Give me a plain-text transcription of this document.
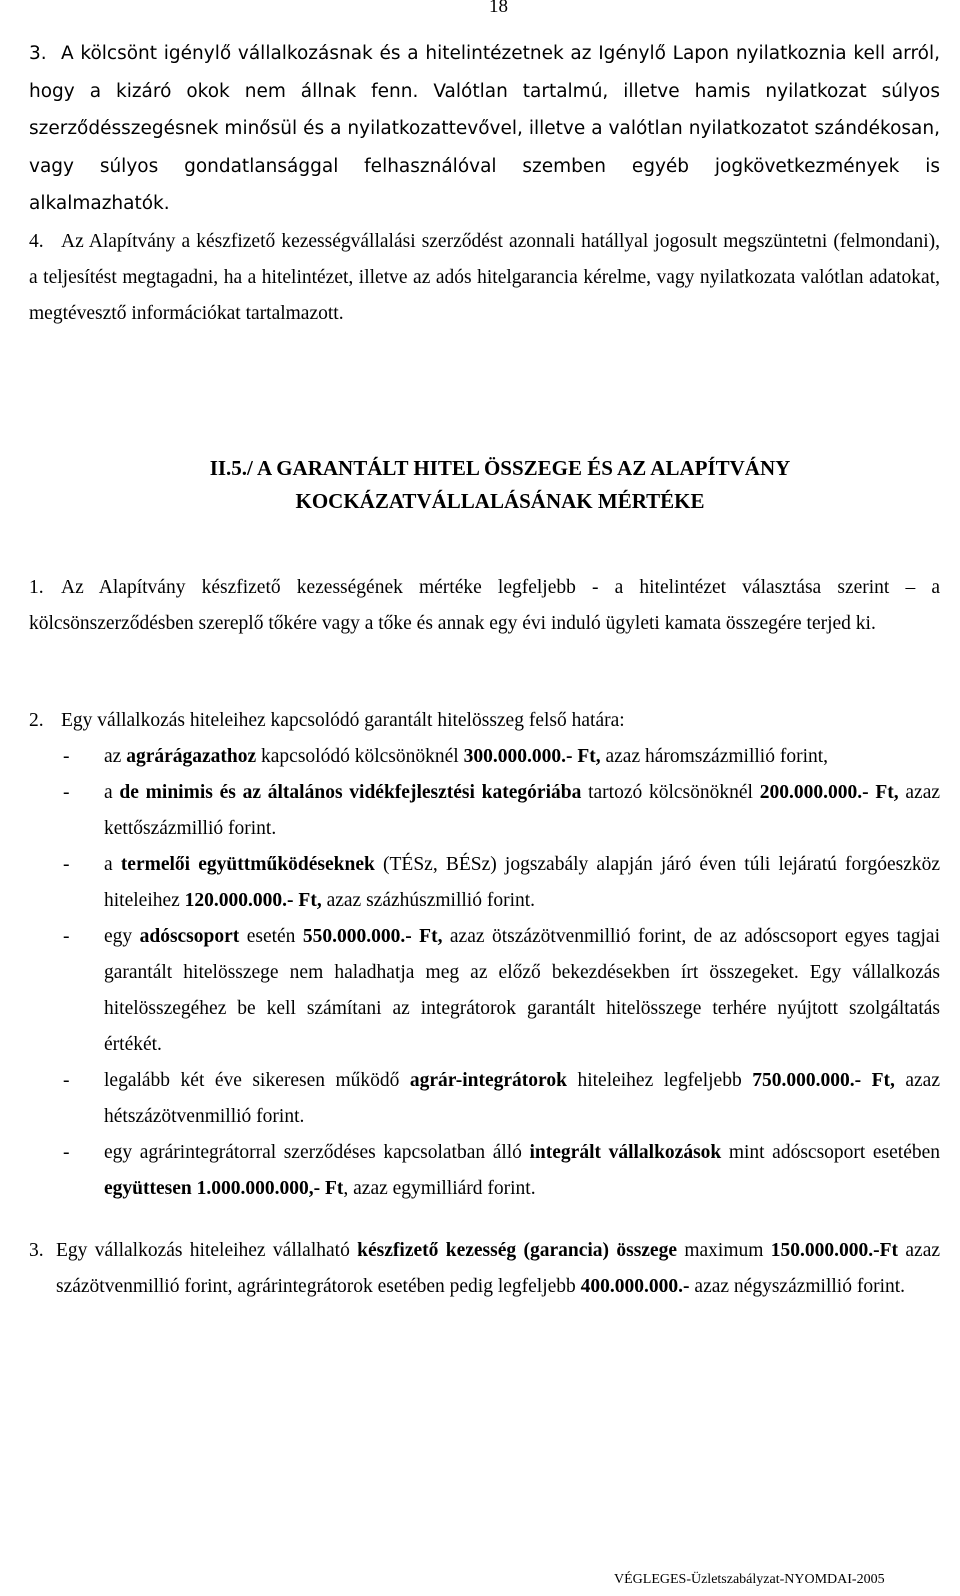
18
3. A kölcsönt igénylő vállalkozásnak és a hitelintézetnek az Igénylő Lapon nyilatkoznia kell arról, hogy a kizáró okok nem állnak fenn. Valótlan tartalmú, illetve hamis nyilatkozat súlyos szerződésszegésnek minősül és a nyilatkozattevővel, illetve a valótlan nyilatkozatot szándékosan, vagy súlyos gondatlansággal felhasználóval szemben egyéb jogkövetkezmények is alkalmazhatók.

4. Az Alapítvány a készfizető kezességvállalási szerződést azonnali hatállyal jogosult megszüntetni (felmondani), a teljesítést megtagadni, ha a hitelintézet, illetve az adós hitelgarancia kérelme, vagy nyilatkozata valótlan adatokat, megtévesztő információkat tartalmazott.

II.5./ A GARANTÁLT HITEL ÖSSZEGE ÉS AZ ALAPÍTVÁNY
KOCKÁZATVÁLLALÁSÁNAK MÉRTÉKE
1. Az Alapítvány készfizető kezességének mértéke legfeljebb - a hitelintézet választása szerint – a kölcsönszerződésben szereplő tőkére vagy a tőke és annak egy évi induló ügyleti kamata összegére terjed ki.

2. Egy vállalkozás hiteleihez kapcsolódó garantált hitelösszeg felső határa:
- az agrárágazathoz kapcsolódó kölcsönöknél 300.000.000.- Ft, azaz háromszázmillió forint,

- a de minimis és az általános vidékfejlesztési kategóriába tartozó kölcsönöknél 200.000.000.- Ft, azaz kettőszázmillió forint.

- a termelői együttműködéseknek (TÉSz, BÉSz) jogszabály alapján járó éven túli lejáratú forgóeszköz hiteleihez 120.000.000.- Ft, azaz százhúszmillió forint.

- egy adóscsoport esetén 550.000.000.- Ft, azaz ötszázötvenmillió forint, de az adóscsoport egyes tagjai garantált hitelösszege nem haladhatja meg az előző bekezdésekben írt összegeket. Egy vállalkozás hitelösszegéhez be kell számítani az integrátorok garantált hitelösszege terhére nyújtott szolgáltatás értékét.

- legalább két éve sikeresen működő agrár-integrátorok hiteleihez legfeljebb 750.000.000.- Ft, azaz hétszázötvenmillió forint.

- egy agrárintegrátorral szerződéses kapcsolatban álló integrált vállalkozások mint adóscsoport esetében együttesen 1.000.000.000,- Ft, azaz egymilliárd forint.

3. Egy vállalkozás hiteleihez vállalható készfizető kezesség (garancia) összege maximum 150.000.000.-Ft azaz százötvenmillió forint, agrárintegrátorok esetében pedig legfeljebb 400.000.000.- azaz négyszázmillió forint.

VÉGLEGES-Üzletszabályzat-NYOMDAI-2005
